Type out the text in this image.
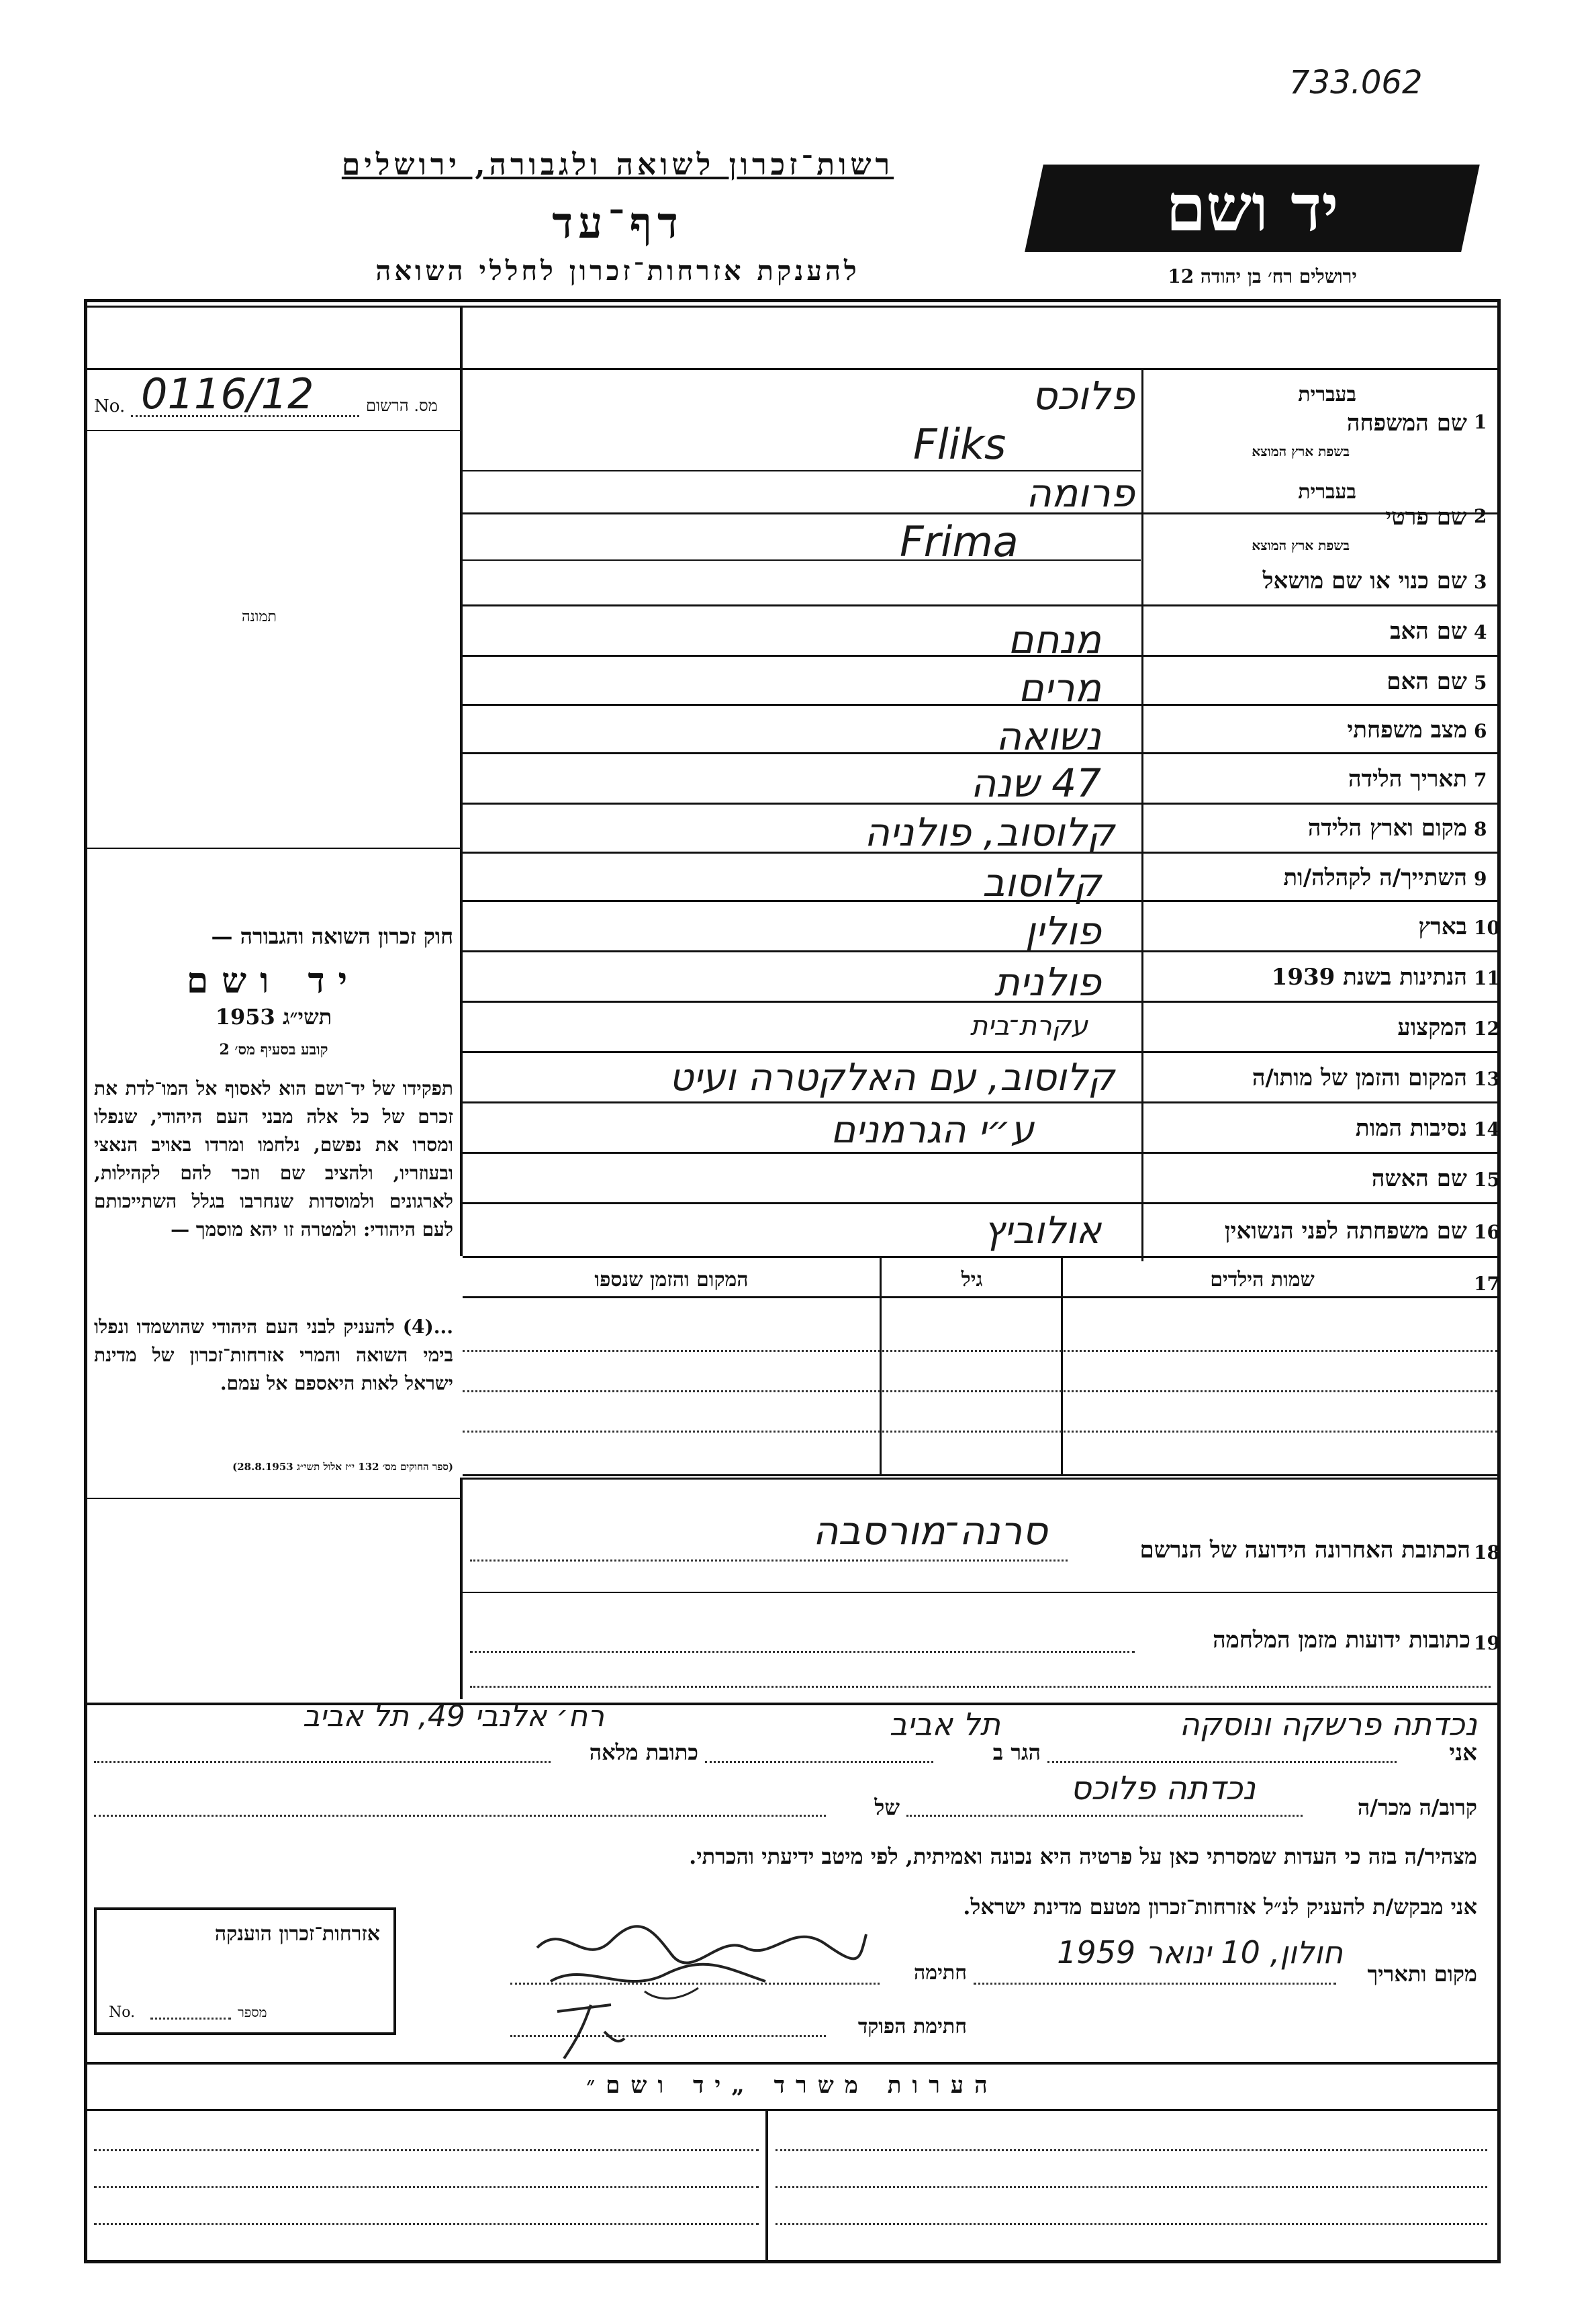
733.062
רשות־זכרון לשואה ולגבורה, ירושלים
דף־עד
להענקת אזרחות־זכרון לחללי השואה
יד ושם
ירושלים רח׳ בן יהודה 12
מס. הרשום
No. 0116/12
תמונה
חוק זכרון השואה והגבורה —
יד ושם
תשי״ג 1953
קובע בסעיף מס׳ 2
תפקידו של יד־ושם הוא לאסוף אל המו־לדת את זכרם של כל אלה מבני העם היהודי, שנפלו ומסרו את נפשם, נלחמו ומרדו באויב הנאצי ובעוזריו, ולהציב שם וזכר להם לקהילות, לארגונים ולמוסדות שנחרבו בגלל השתייכותם לעם היהודי: ולמטרה זו יהא מוסמך —
...(4) להעניק לבני העם היהודי שהושמדו ונפלו בימי השואה והמרי אזרחות־זכרון של מדינת ישראל לאות היאספם אל עמם.
(ספר החוקים מס׳ 132 י״ז אלול תשי״ג 28.8.1953)
1
שם המשפחה
בעברית
בשפת ארץ המוצא
פלוכס
Fliks
2
שם פרטי
בעברית
בשפת ארץ המוצא
פרומה
Frima
3
שם כנוי או שם מושאל
4
שם האב
מנחם
5
שם האם
מרים
6
מצב משפחתי
נשואה
7
תאריך הלידה
47 שנה
8
מקום וארץ הלידה
קלוסוב, פולניה
9
השתייך/ה לקהלה/ות
קלוסוב
10
בארץ
פולין
11
הנתינות בשנת 1939
פולנית
12
המקצוע
עקרת־בית
13
המקום והזמן של מותו/ה
קלוסוב, עם האלקטרה ועיט
14
נסיבות המות
ע״י הגרמנים
15
שם האשה
16
שם משפחתה לפני הנשואין
אולוביץ
17
שמות הילדים
גיל
המקום והזמן שנספו
18
הכתובת האחרונה הידועה של הנרשם
סרנה־מורסבה
19
כתובות ידועות מזמן המלחמה
אני
נכדתה פרשקה ונוסקה
הגר ב
תל אביב
כתובת מלאה
רח׳ אלנבי 49, תל אביב
קרוב/ה מכר/ה
נכדתה פלוכס
של
מצהיר/ה בזה כי העדות שמסרתי כאן על פרטיה היא נכונה ואמיתית, לפי מיטב ידיעתי והכרתי.
אני מבקש/ת להעניק לנ״ל אזרחות־זכרון מטעם מדינת ישראל.
מקום ותאריך
חולון, 10 ינואר 1959
חתימה
חתימת הפוקד
אזרחות־זכרון הוענקה
No.	מספר
הערות משרד „יד ושם״
